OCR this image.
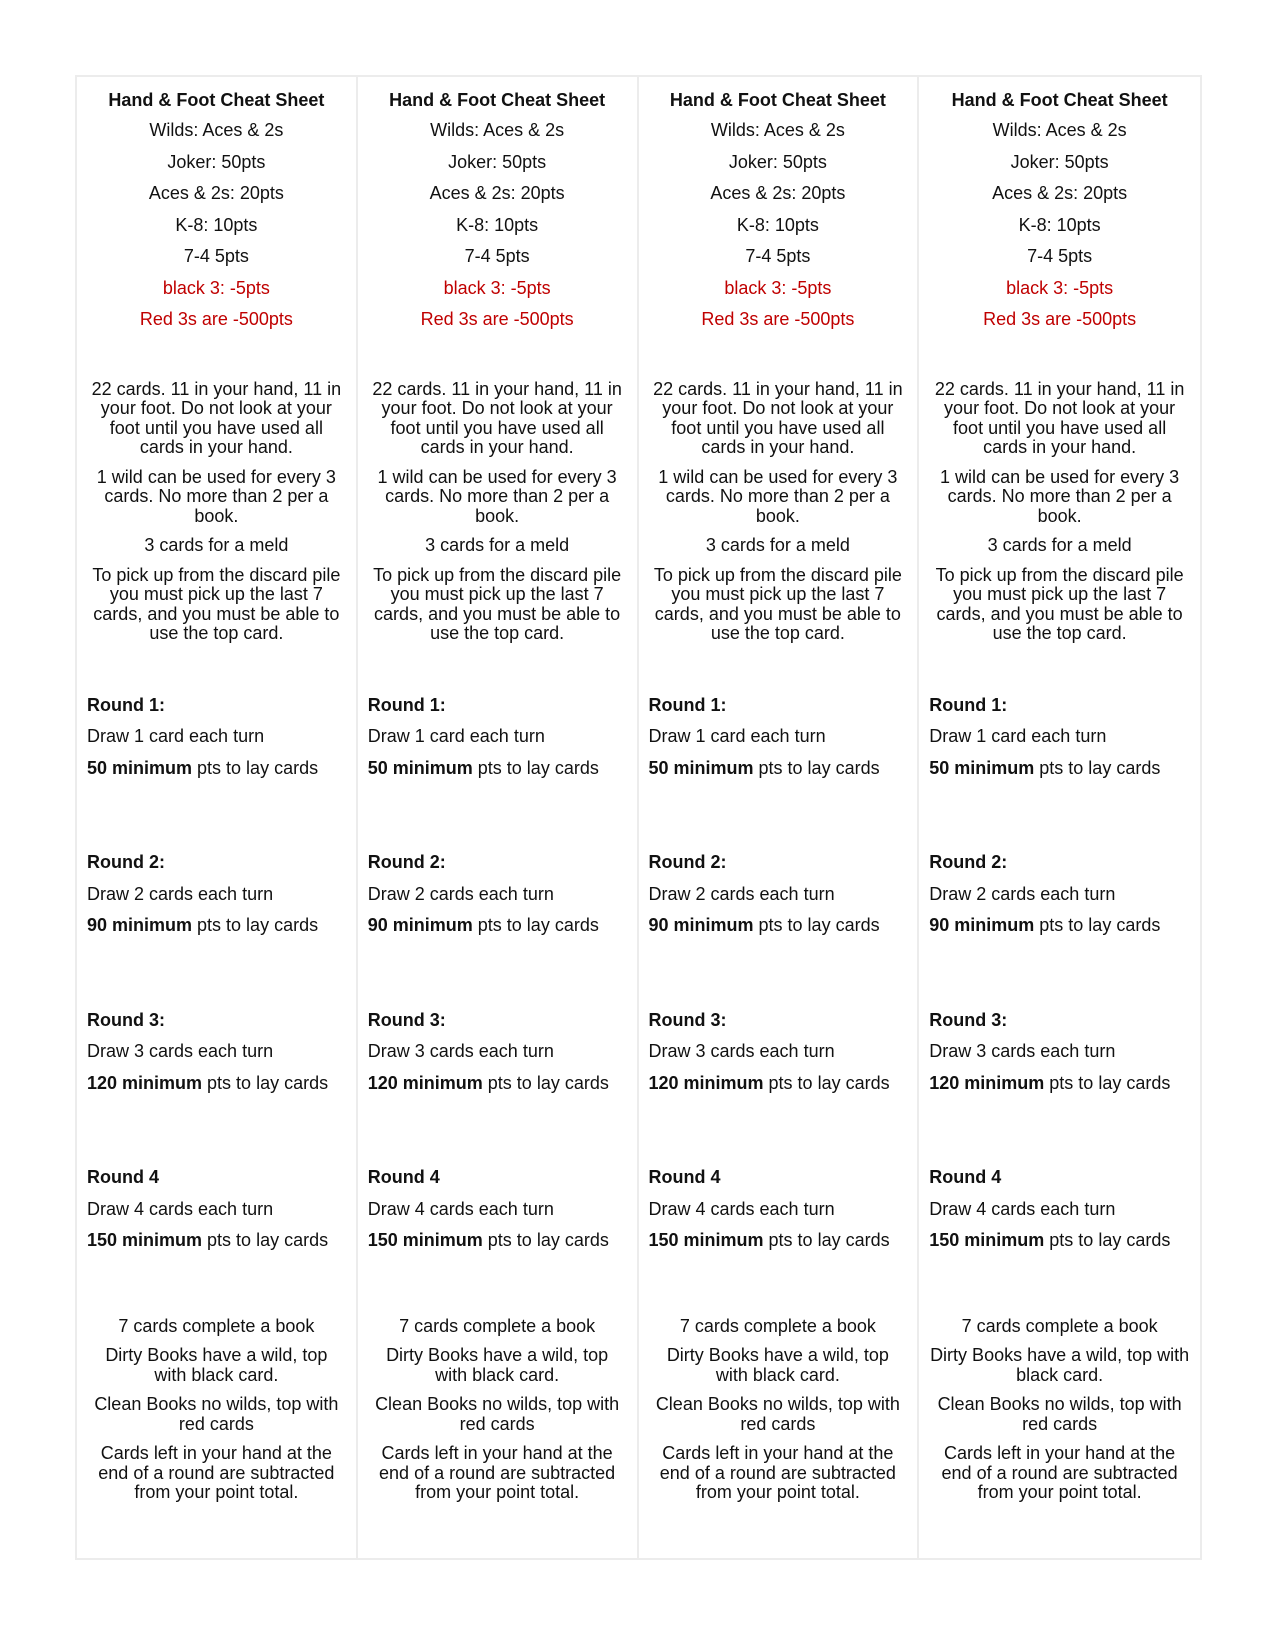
Hand & Foot Cheat Sheet
Wilds: Aces & 2s
Joker: 50pts
Aces & 2s: 20pts
K-8: 10pts
7-4 5pts
black 3: -5pts
Red 3s are -500pts
22 cards. 11 in your hand, 11 in your foot. Do not look at your foot until you have used all cards in your hand.
1 wild can be used for every 3 cards. No more than 2 per a book.
3 cards for a meld
To pick up from the discard pile you must pick up the last 7 cards, and you must be able to use the top card.
Round 1:
Draw 1 card each turn
50 minimum pts to lay cards
Round 2:
Draw 2 cards each turn
90 minimum pts to lay cards
Round 3:
Draw 3 cards each turn
120 minimum pts to lay cards
Round 4
Draw 4 cards each turn
150 minimum pts to lay cards
7 cards complete a book
Dirty Books have a wild, top with black card.
Clean Books no wilds, top with red cards
Cards left in your hand at the end of a round are subtracted from your point total.
Hand & Foot Cheat Sheet
Wilds: Aces & 2s
Joker: 50pts
Aces & 2s: 20pts
K-8: 10pts
7-4 5pts
black 3: -5pts
Red 3s are -500pts
22 cards. 11 in your hand, 11 in your foot. Do not look at your foot until you have used all cards in your hand.
1 wild can be used for every 3 cards. No more than 2 per a book.
3 cards for a meld
To pick up from the discard pile you must pick up the last 7 cards, and you must be able to use the top card.
Round 1:
Draw 1 card each turn
50 minimum pts to lay cards
Round 2:
Draw 2 cards each turn
90 minimum pts to lay cards
Round 3:
Draw 3 cards each turn
120 minimum pts to lay cards
Round 4
Draw 4 cards each turn
150 minimum pts to lay cards
7 cards complete a book
Dirty Books have a wild, top with black card.
Clean Books no wilds, top with red cards
Cards left in your hand at the end of a round are subtracted from your point total.
Hand & Foot Cheat Sheet
Wilds: Aces & 2s
Joker: 50pts
Aces & 2s: 20pts
K-8: 10pts
7-4 5pts
black 3: -5pts
Red 3s are -500pts
22 cards. 11 in your hand, 11 in your foot. Do not look at your foot until you have used all cards in your hand.
1 wild can be used for every 3 cards. No more than 2 per a book.
3 cards for a meld
To pick up from the discard pile you must pick up the last 7 cards, and you must be able to use the top card.
Round 1:
Draw 1 card each turn
50 minimum pts to lay cards
Round 2:
Draw 2 cards each turn
90 minimum pts to lay cards
Round 3:
Draw 3 cards each turn
120 minimum pts to lay cards
Round 4
Draw 4 cards each turn
150 minimum pts to lay cards
7 cards complete a book
Dirty Books have a wild, top with black card.
Clean Books no wilds, top with red cards
Cards left in your hand at the end of a round are subtracted from your point total.
Hand & Foot Cheat Sheet
Wilds: Aces & 2s
Joker: 50pts
Aces & 2s: 20pts
K-8: 10pts
7-4 5pts
black 3: -5pts
Red 3s are -500pts
22 cards. 11 in your hand, 11 in your foot. Do not look at your foot until you have used all cards in your hand.
1 wild can be used for every 3 cards. No more than 2 per a book.
3 cards for a meld
To pick up from the discard pile you must pick up the last 7 cards, and you must be able to use the top card.
Round 1:
Draw 1 card each turn
50 minimum pts to lay cards
Round 2:
Draw 2 cards each turn
90 minimum pts to lay cards
Round 3:
Draw 3 cards each turn
120 minimum pts to lay cards
Round 4
Draw 4 cards each turn
150 minimum pts to lay cards
7 cards complete a book
Dirty Books have a wild, top with black card.
Clean Books no wilds, top with red cards
Cards left in your hand at the end of a round are subtracted from your point total.
